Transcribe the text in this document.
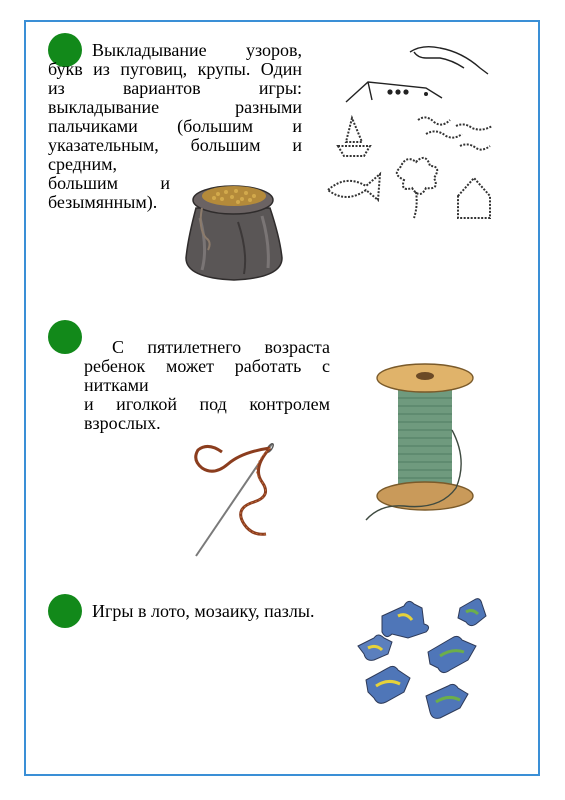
Выкладывание узоров,
букв из пуговиц, крупы. Один
из вариантов игры:
выкладывание разными
пальчиками (большим и
указательным, большим и
средним,
большим и
безымянным).
С пятилетнего возраста
ребенок может работать с нитками
и иголкой под контролем
взрослых.
Игры в лото, мозаику, пазлы.
